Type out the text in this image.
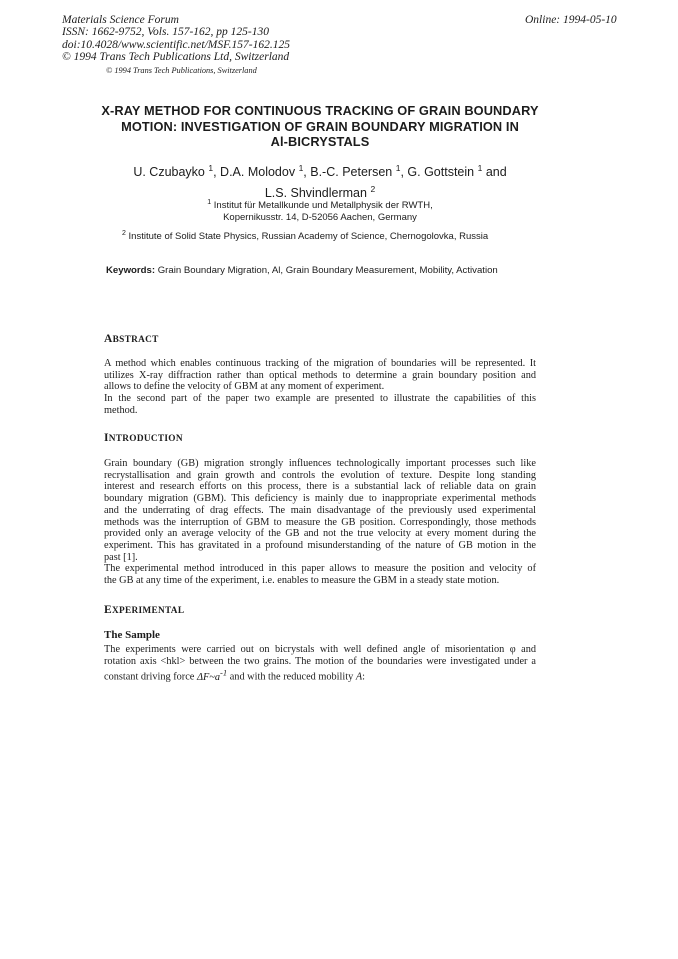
Materials Science Forum
ISSN: 1662-9752, Vols. 157-162, pp 125-130
doi:10.4028/www.scientific.net/MSF.157-162.125
© 1994 Trans Tech Publications Ltd, Switzerland
Online: 1994-05-10
© 1994 Trans Tech Publications, Switzerland
X-RAY METHOD FOR CONTINUOUS TRACKING OF GRAIN BOUNDARY
MOTION: INVESTIGATION OF GRAIN BOUNDARY MIGRATION IN
Al-BICRYSTALS
U. Czubayko $^1$, D.A. Molodov $^1$, B.-C. Petersen $^1$, G. Gottstein $^1$ and
L.S. Shvindlerman $^2$
$^1$ Institut für Metallkunde und Metallphysik der RWTH,
Kopernikusstr. 14, D-52056 Aachen, Germany
$^2$ Institute of Solid State Physics, Russian Academy of Science, Chernogolovka, Russia
Keywords: Grain Boundary Migration, Al, Grain Boundary Measurement, Mobility, Activation
ABSTRACT
A method which enables continuous tracking of the migration of boundaries will be represented. It
utilizes X-ray diffraction rather than optical methods to determine a grain boundary position and
allows to define the velocity of GBM at any moment of experiment.
In the second part of the paper two example are presented to illustrate the capabilities of this
method.
INTRODUCTION
Grain boundary (GB) migration strongly influences technologically important processes such like
recrystallisation and grain growth and controls the evolution of texture. Despite long standing
interest and research efforts on this process, there is a substantial lack of reliable data on grain
boundary migration (GBM). This deficiency is mainly due to inappropriate experimental methods
and the underrating of drag effects. The main disadvantage of the previously used experimental
methods was the interruption of GBM to measure the GB position. Correspondingly, those methods
provided only an average velocity of the GB and not the true velocity at every moment during the
experiment. This has gravitated in a profound misunderstanding of the nature of GB motion in the
past [1].
The experimental method introduced in this paper allows to measure the position and velocity of
the GB at any time of the experiment, i.e. enables to measure the GBM in a steady state motion.
EXPERIMENTAL
The Sample
The experiments were carried out on bicrystals with well defined angle of misorientation φ and
rotation axis <hkl> between the two grains. The motion of the boundaries were investigated under a
constant driving force $\Delta F\sim a^{-1}$ and with the reduced mobility A:
